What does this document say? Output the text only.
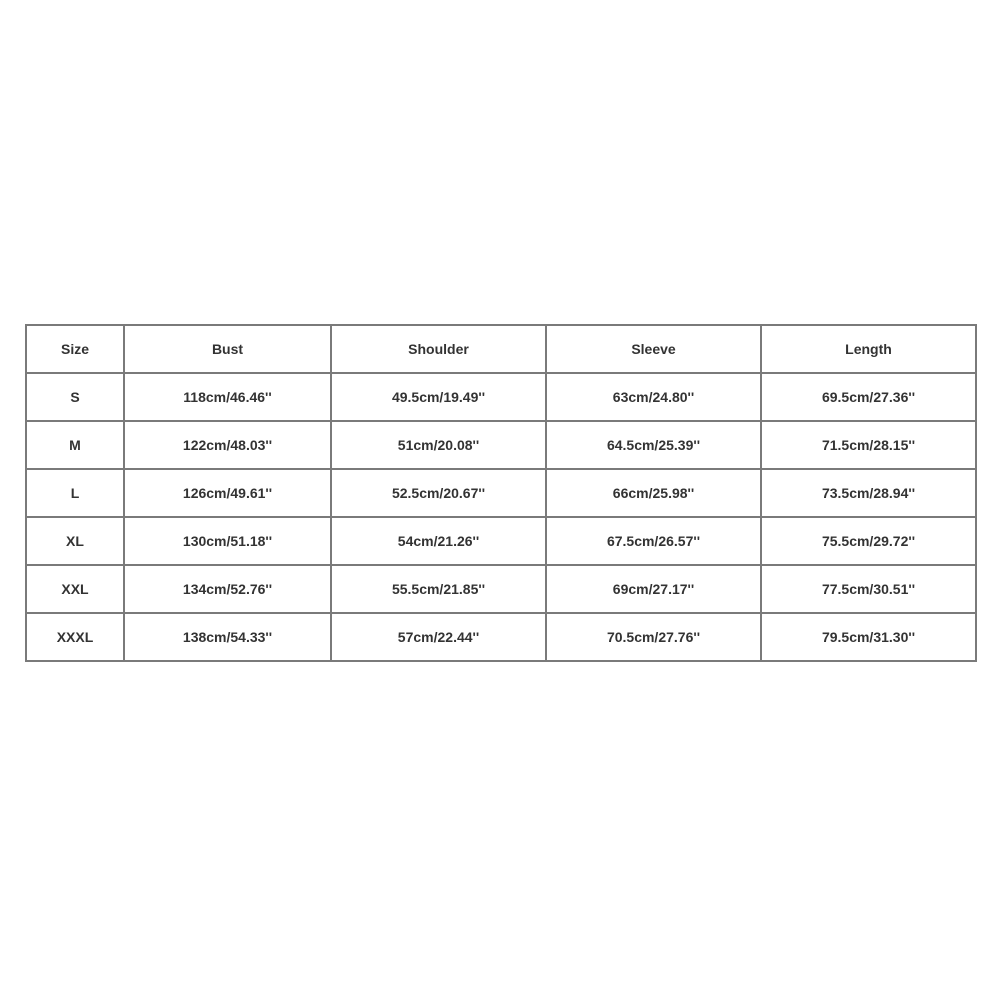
Size	Bust	Shoulder	Sleeve	Length
S	118cm/46.46''	49.5cm/19.49''	63cm/24.80''	69.5cm/27.36''
M	122cm/48.03''	51cm/20.08''	64.5cm/25.39''	71.5cm/28.15''
L	126cm/49.61''	52.5cm/20.67''	66cm/25.98''	73.5cm/28.94''
XL	130cm/51.18''	54cm/21.26''	67.5cm/26.57''	75.5cm/29.72''
XXL	134cm/52.76''	55.5cm/21.85''	69cm/27.17''	77.5cm/30.51''
XXXL	138cm/54.33''	57cm/22.44''	70.5cm/27.76''	79.5cm/31.30''
